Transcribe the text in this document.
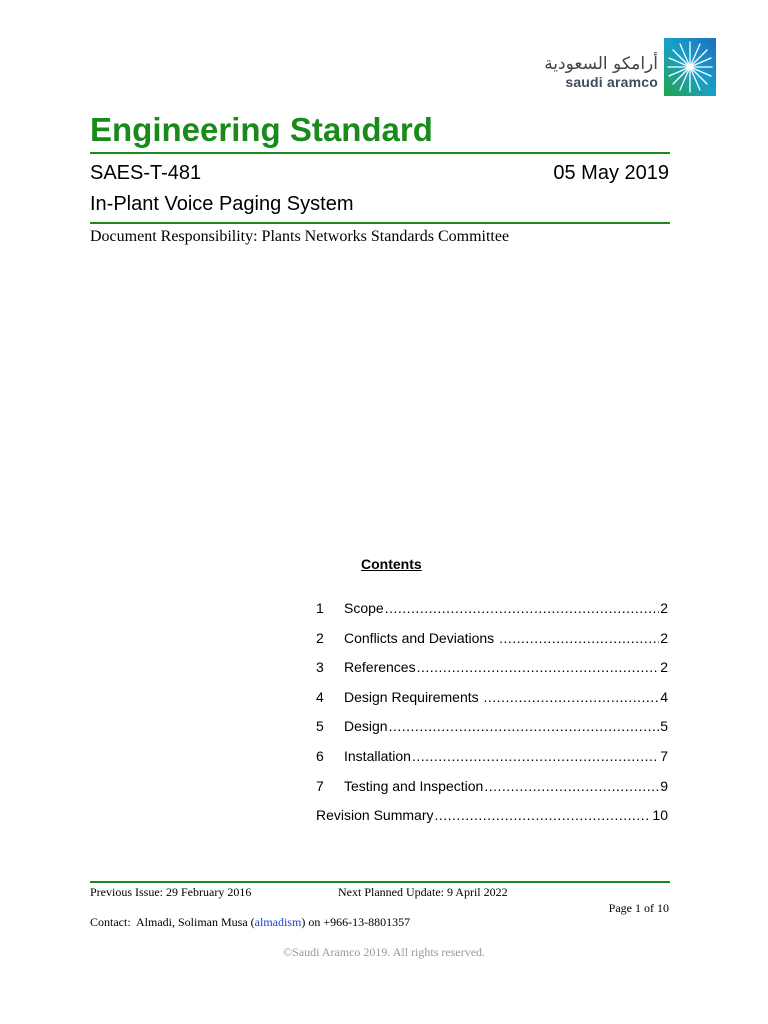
أرامكو السعودية
saudi aramco
Engineering Standard
SAES-T-481	05 May 2019
In-Plant Voice Paging System
Document Responsibility: Plants Networks Standards Committee
Contents
1	Scope .....	2
2	Conflicts and Deviations .....	2
3	References .....	2
4	Design Requirements .....	4
5	Design .....	5
6	Installation .....	7
7	Testing and Inspection .....	9
Revision Summary .....	10
Previous Issue: 29 February 2016	Next Planned Update: 9 April 2022
Page 1 of 10
Contact:  Almadi, Soliman Musa (almadism) on +966-13-8801357
©Saudi Aramco 2019. All rights reserved.
